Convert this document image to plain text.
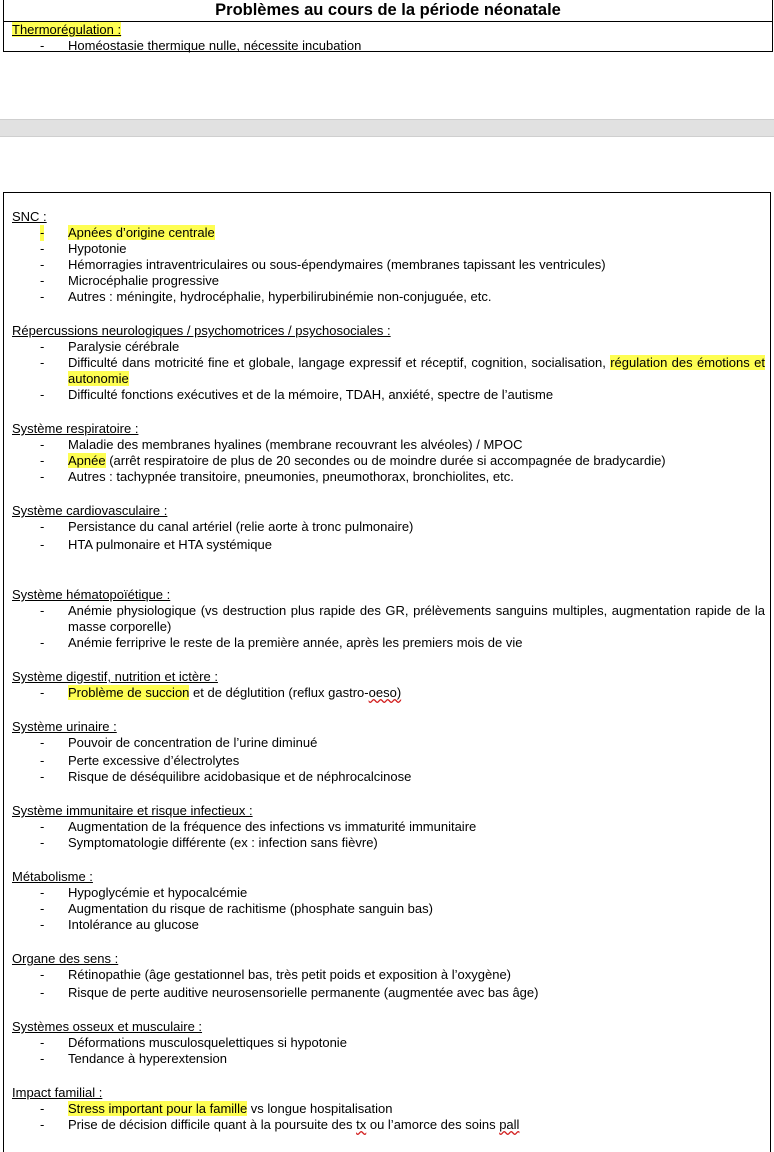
Problèmes au cours de la période néonatale
Thermorégulation :
- Homéostasie thermique nulle, nécessite incubation
SNC :
- Apnées d’origine centrale
- Hypotonie
- Hémorragies intraventriculaires ou sous-épendymaires (membranes tapissant les ventricules)
- Microcéphalie progressive
- Autres : méningite, hydrocéphalie, hyperbilirubinémie non-conjuguée, etc.
Répercussions neurologiques / psychomotrices / psychosociales :
- Paralysie cérébrale
- Difficulté dans motricité fine et globale, langage expressif et réceptif, cognition, socialisation, régulation des émotions et autonomie
- Difficulté fonctions exécutives et de la mémoire, TDAH, anxiété, spectre de l’autisme
Système respiratoire :
- Maladie des membranes hyalines (membrane recouvrant les alvéoles) / MPOC
- Apnée (arrêt respiratoire de plus de 20 secondes ou de moindre durée si accompagnée de bradycardie)
- Autres : tachypnée transitoire, pneumonies, pneumothorax, bronchiolites, etc.
Système cardiovasculaire :
- Persistance du canal artériel (relie aorte à tronc pulmonaire)
- HTA pulmonaire et HTA systémique
Système hématopoïétique :
- Anémie physiologique (vs destruction plus rapide des GR, prélèvements sanguins multiples, augmentation rapide de la masse corporelle)
- Anémie ferriprive le reste de la première année, après les premiers mois de vie
Système digestif, nutrition et ictère :
- Problème de succion et de déglutition (reflux gastro-oeso)
Système urinaire :
- Pouvoir de concentration de l’urine diminué
- Perte excessive d’électrolytes
- Risque de déséquilibre acidobasique et de néphrocalcinose
Système immunitaire et risque infectieux :
- Augmentation de la fréquence des infections vs immaturité immunitaire
- Symptomatologie différente (ex : infection sans fièvre)
Métabolisme :
- Hypoglycémie et hypocalcémie
- Augmentation du risque de rachitisme (phosphate sanguin bas)
- Intolérance au glucose
Organe des sens :
- Rétinopathie (âge gestationnel bas, très petit poids et exposition à l’oxygène)
- Risque de perte auditive neurosensorielle permanente (augmentée avec bas âge)
Systèmes osseux et musculaire :
- Déformations musculosquelettiques si hypotonie
- Tendance à hyperextension
Impact familial :
- Stress important pour la famille vs longue hospitalisation
- Prise de décision difficile quant à la poursuite des tx ou l’amorce des soins pall
